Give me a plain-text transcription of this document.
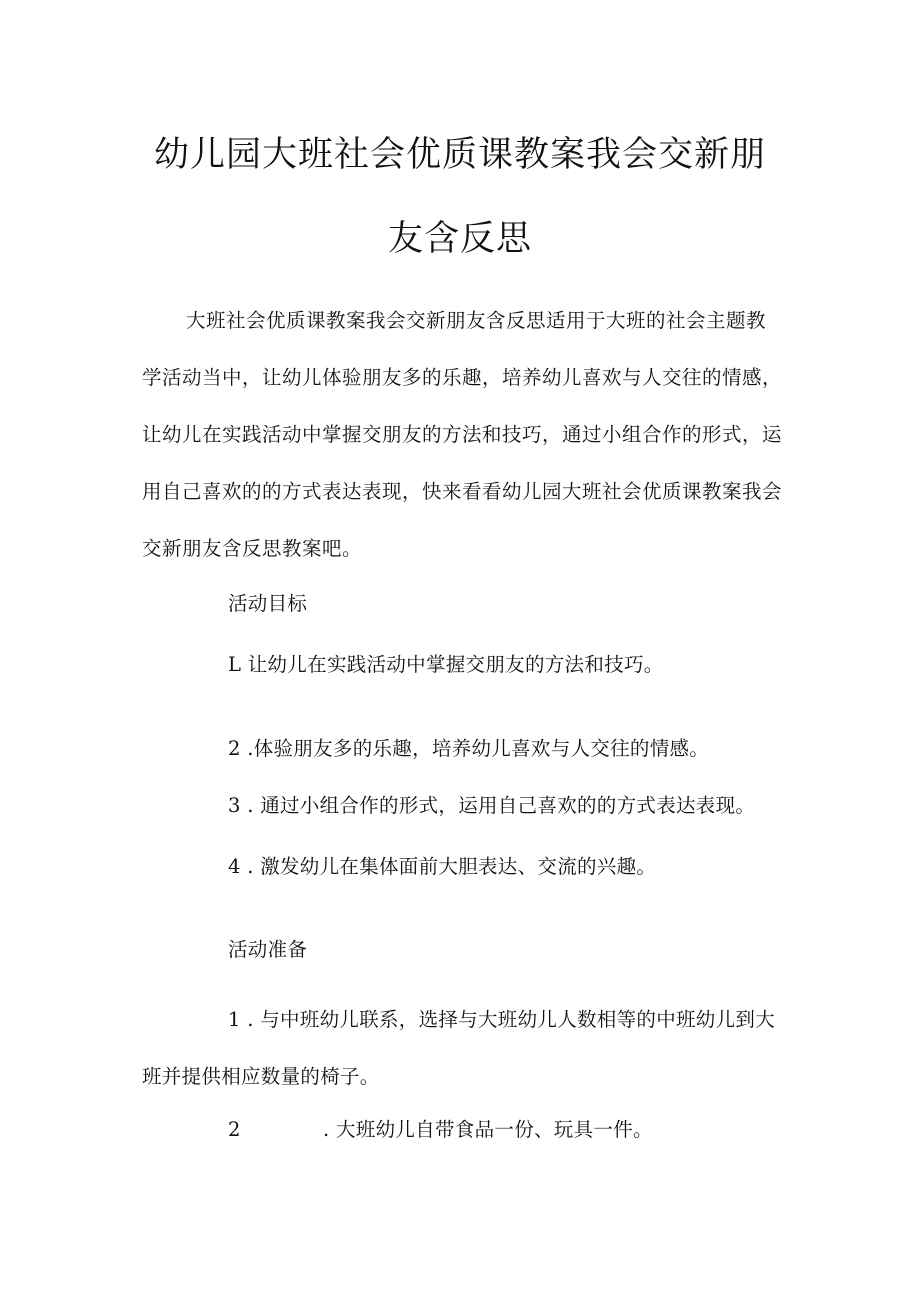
幼儿园大班社会优质课教案我会交新朋
友含反思

大班社会优质课教案我会交新朋友含反思适用于大班的社会主题教学活动当中，让幼儿体验朋友多的乐趣，培养幼儿喜欢与人交往的情感，让幼儿在实践活动中掌握交朋友的方法和技巧，通过小组合作的形式，运用自己喜欢的的方式表达表现，快来看看幼儿园大班社会优质课教案我会交新朋友含反思教案吧。

活动目标

L 让幼儿在实践活动中掌握交朋友的方法和技巧。

2 .体验朋友多的乐趣，培养幼儿喜欢与人交往的情感。

3 . 通过小组合作的形式，运用自己喜欢的的方式表达表现。

4 . 激发幼儿在集体面前大胆表达、交流的兴趣。

活动准备

1 . 与中班幼儿联系，选择与大班幼儿人数相等的中班幼儿到大班并提供相应数量的椅子。

2	. 大班幼儿自带食品一份、玩具一件。
